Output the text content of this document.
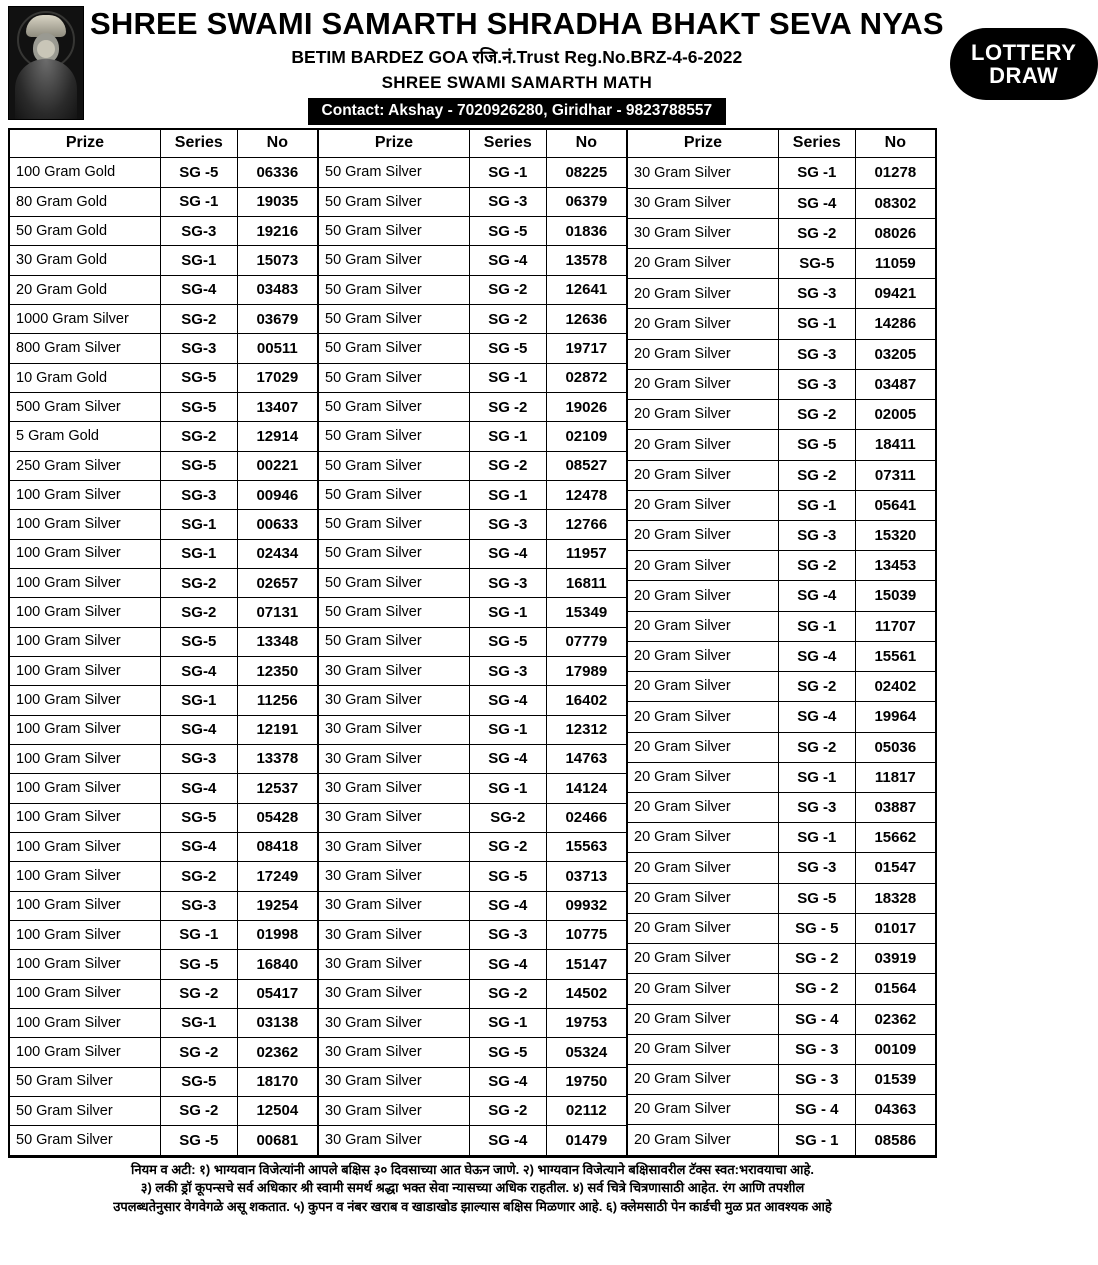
SHREE SWAMI SAMARTH SHRADHA BHAKT SEVA NYAS
BETIM BARDEZ GOA रजि.नं.Trust Reg.No.BRZ-4-6-2022
SHREE SWAMI SAMARTH MATH
Contact: Akshay - 7020926280, Giridhar - 9823788557
LOTTERY
DRAW
Prize	Series	No
100 Gram Gold	SG -5	06336
80 Gram Gold	SG -1	19035
50 Gram Gold	SG-3	19216
30 Gram Gold	SG-1	15073
20 Gram Gold	SG-4	03483
1000 Gram Silver	SG-2	03679
800 Gram Silver	SG-3	00511
10 Gram Gold	SG-5	17029
500 Gram Silver	SG-5	13407
5 Gram Gold	SG-2	12914
250 Gram Silver	SG-5	00221
100 Gram Silver	SG-3	00946
100 Gram Silver	SG-1	00633
100 Gram Silver	SG-1	02434
100 Gram Silver	SG-2	02657
100 Gram Silver	SG-2	07131
100 Gram Silver	SG-5	13348
100 Gram Silver	SG-4	12350
100 Gram Silver	SG-1	11256
100 Gram Silver	SG-4	12191
100 Gram Silver	SG-3	13378
100 Gram Silver	SG-4	12537
100 Gram Silver	SG-5	05428
100 Gram Silver	SG-4	08418
100 Gram Silver	SG-2	17249
100 Gram Silver	SG-3	19254
100 Gram Silver	SG -1	01998
100 Gram Silver	SG -5	16840
100 Gram Silver	SG -2	05417
100 Gram Silver	SG-1	03138
100 Gram Silver	SG -2	02362
50 Gram Silver	SG-5	18170
50 Gram Silver	SG -2	12504
50 Gram Silver	SG -5	00681
Prize	Series	No
50 Gram Silver	SG -1	08225
50 Gram Silver	SG -3	06379
50 Gram Silver	SG -5	01836
50 Gram Silver	SG -4	13578
50 Gram Silver	SG -2	12641
50 Gram Silver	SG -2	12636
50 Gram Silver	SG -5	19717
50 Gram Silver	SG -1	02872
50 Gram Silver	SG -2	19026
50 Gram Silver	SG -1	02109
50 Gram Silver	SG -2	08527
50 Gram Silver	SG -1	12478
50 Gram Silver	SG -3	12766
50 Gram Silver	SG -4	11957
50 Gram Silver	SG -3	16811
50 Gram Silver	SG -1	15349
50 Gram Silver	SG -5	07779
30 Gram Silver	SG -3	17989
30 Gram Silver	SG -4	16402
30 Gram Silver	SG -1	12312
30 Gram Silver	SG -4	14763
30 Gram Silver	SG -1	14124
30 Gram Silver	SG-2	02466
30 Gram Silver	SG -2	15563
30 Gram Silver	SG -5	03713
30 Gram Silver	SG -4	09932
30 Gram Silver	SG -3	10775
30 Gram Silver	SG -4	15147
30 Gram Silver	SG -2	14502
30 Gram Silver	SG -1	19753
30 Gram Silver	SG -5	05324
30 Gram Silver	SG -4	19750
30 Gram Silver	SG -2	02112
30 Gram Silver	SG -4	01479
Prize	Series	No
30 Gram Silver	SG -1	01278
30 Gram Silver	SG -4	08302
30 Gram Silver	SG -2	08026
20 Gram Silver	SG-5	11059
20 Gram Silver	SG -3	09421
20 Gram Silver	SG -1	14286
20 Gram Silver	SG -3	03205
20 Gram Silver	SG -3	03487
20 Gram Silver	SG -2	02005
20 Gram Silver	SG -5	18411
20 Gram Silver	SG -2	07311
20 Gram Silver	SG -1	05641
20 Gram Silver	SG -3	15320
20 Gram Silver	SG -2	13453
20 Gram Silver	SG -4	15039
20 Gram Silver	SG -1	11707
20 Gram Silver	SG -4	15561
20 Gram Silver	SG -2	02402
20 Gram Silver	SG -4	19964
20 Gram Silver	SG -2	05036
20 Gram Silver	SG -1	11817
20 Gram Silver	SG -3	03887
20 Gram Silver	SG -1	15662
20 Gram Silver	SG -3	01547
20 Gram Silver	SG -5	18328
20 Gram Silver	SG - 5	01017
20 Gram Silver	SG - 2	03919
20 Gram Silver	SG - 2	01564
20 Gram Silver	SG - 4	02362
20 Gram Silver	SG - 3	00109
20 Gram Silver	SG - 3	01539
20 Gram Silver	SG - 4	04363
20 Gram Silver	SG - 1	08586

नियम व अटी: १) भाग्यवान विजेत्यांनी आपले बक्षिस ३० दिवसाच्या आत घेऊन जाणे. २) भाग्यवान विजेत्याने बक्षिसावरील टॅक्स स्वत:भरावयाचा आहे.

३) लकी ड्रॉ कूपन्सचे सर्व अधिकार श्री स्वामी समर्थ श्रद्धा भक्त सेवा न्यासच्या अधिक राहतील. ४) सर्व चित्रे चित्रणासाठी आहेत. रंग आणि तपशील

उपलब्धतेनुसार वेगवेगळे असू शकतात. ५) कुपन व नंबर खराब व खाडाखोड झाल्यास बक्षिस मिळणार आहे. ६) क्लेमसाठी पेन कार्डची मुळ प्रत आवश्यक आहे
